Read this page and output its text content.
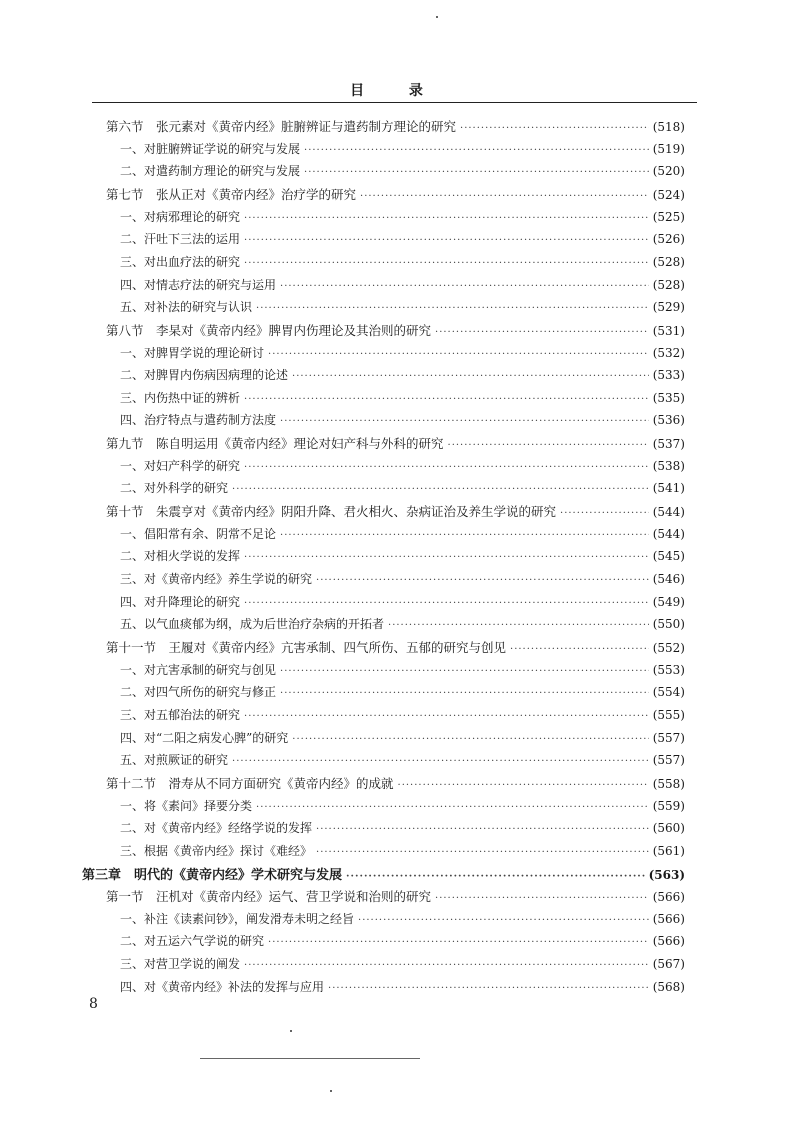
目 录
第六节　张元素对《黄帝内经》脏腑辨证与遣药制方理论的研究 ·····	(518)
一、对脏腑辨证学说的研究与发展 ·····	(519)
二、对遣药制方理论的研究与发展 ·····	(520)
第七节　张从正对《黄帝内经》治疗学的研究 ·····	(524)
一、对病邪理论的研究 ·····	(525)
二、汗吐下三法的运用 ·····	(526)
三、对出血疗法的研究 ·····	(528)
四、对情志疗法的研究与运用 ·····	(528)
五、对补法的研究与认识 ·····	(529)
第八节　李杲对《黄帝内经》脾胃内伤理论及其治则的研究 ·····	(531)
一、对脾胃学说的理论研讨 ·····	(532)
二、对脾胃内伤病因病理的论述 ·····	(533)
三、内伤热中证的辨析 ·····	(535)
四、治疗特点与遣药制方法度 ·····	(536)
第九节　陈自明运用《黄帝内经》理论对妇产科与外科的研究 ·····	(537)
一、对妇产科学的研究 ·····	(538)
二、对外科学的研究 ·····	(541)
第十节　朱震亨对《黄帝内经》阴阳升降、君火相火、杂病证治及养生学说的研究 ·····	(544)
一、倡阳常有余、阴常不足论 ·····	(544)
二、对相火学说的发挥 ·····	(545)
三、对《黄帝内经》养生学说的研究 ·····	(546)
四、对升降理论的研究 ·····	(549)
五、以气血痰郁为纲，成为后世治疗杂病的开拓者 ·····	(550)
第十一节　王履对《黄帝内经》亢害承制、四气所伤、五郁的研究与创见 ·····	(552)
一、对亢害承制的研究与创见 ·····	(553)
二、对四气所伤的研究与修正 ·····	(554)
三、对五郁治法的研究 ·····	(555)
四、对“二阳之病发心脾”的研究 ·····	(557)
五、对煎厥证的研究 ·····	(557)
第十二节　滑寿从不同方面研究《黄帝内经》的成就 ·····	(558)
一、将《素问》择要分类 ·····	(559)
二、对《黄帝内经》经络学说的发挥 ·····	(560)
三、根据《黄帝内经》探讨《难经》 ·····	(561)
第三章　明代的《黄帝内经》学术研究与发展 ·····	(563)
第一节　汪机对《黄帝内经》运气、营卫学说和治则的研究 ·····	(566)
一、补注《读素问钞》，阐发滑寿未明之经旨 ·····	(566)
二、对五运六气学说的研究 ·····	(566)
三、对营卫学说的阐发 ·····	(567)
四、对《黄帝内经》补法的发挥与应用 ·····	(568)
8
